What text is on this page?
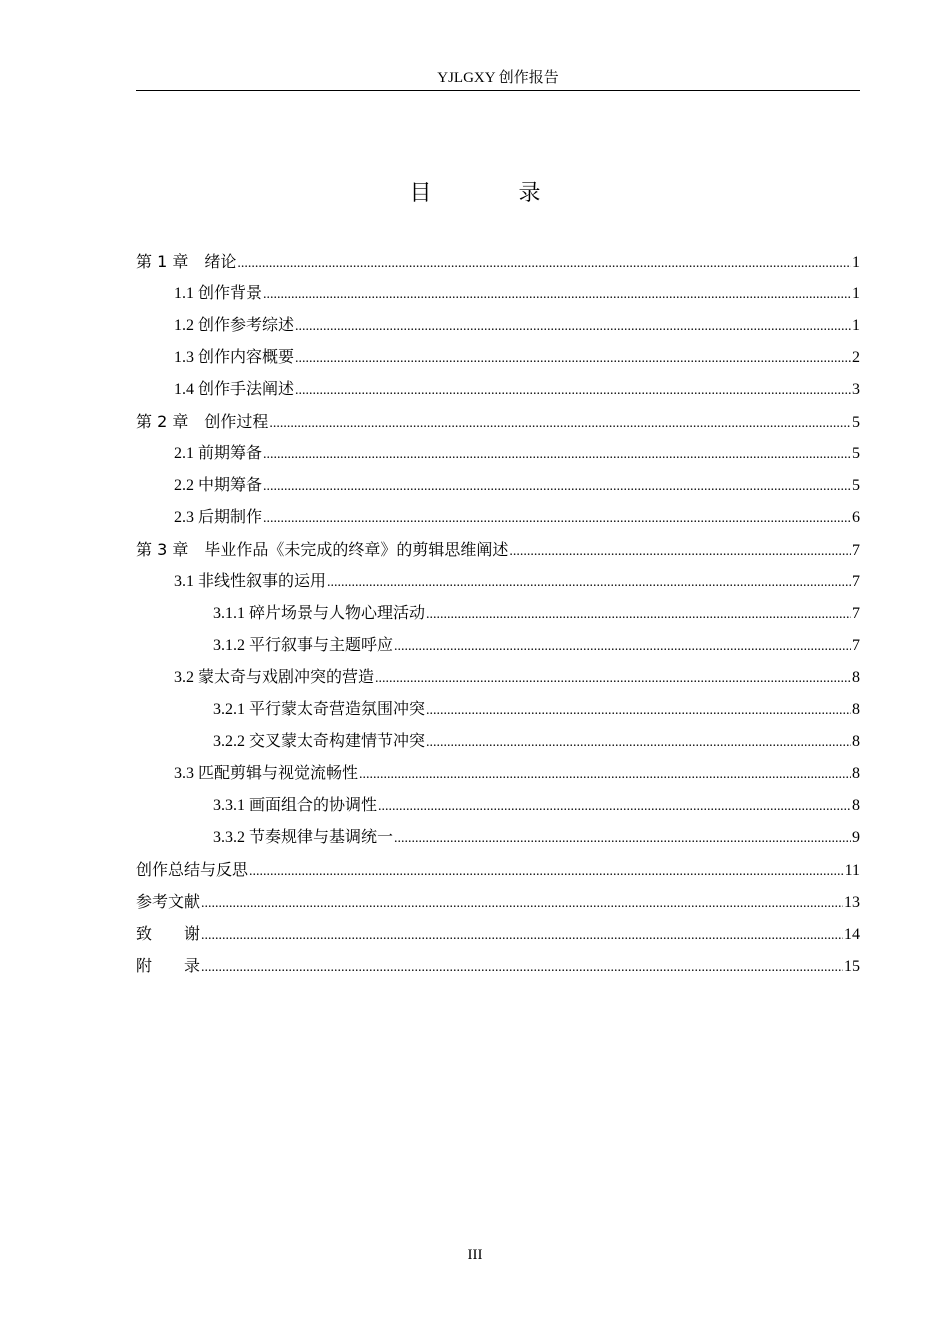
YJLGXY 创作报告
目 录
第 1 章　绪论 .....	1
1.1 创作背景 .....	1
1.2 创作参考综述 .....	1
1.3 创作内容概要 .....	2
1.4 创作手法阐述 .....	3
第 2 章　创作过程 .....	5
2.1 前期筹备 .....	5
2.2 中期筹备 .....	5
2.3 后期制作 .....	6
第 3 章　毕业作品《未完成的终章》的剪辑思维阐述 .....	7
3.1 非线性叙事的运用 .....	7
3.1.1 碎片场景与人物心理活动 .....	7
3.1.2 平行叙事与主题呼应 .....	7
3.2 蒙太奇与戏剧冲突的营造 .....	8
3.2.1 平行蒙太奇营造氛围冲突 .....	8
3.2.2 交叉蒙太奇构建情节冲突 .....	8
3.3 匹配剪辑与视觉流畅性 .....	8
3.3.1 画面组合的协调性 .....	8
3.3.2 节奏规律与基调统一 .....	9
创作总结与反思 .....	11
参考文献 .....	13
致　　谢 .....	14
附　　录 .....	15
III
